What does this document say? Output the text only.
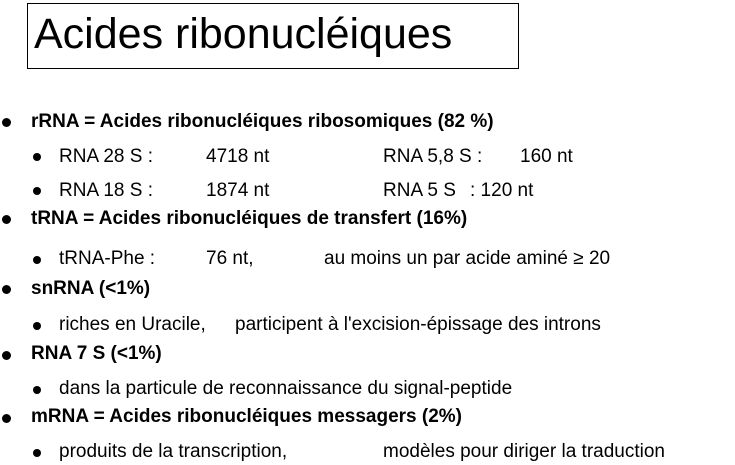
Acides ribonucléiques
rRNA = Acides ribonucléiques ribosomiques (82 %)
RNA 28 S :	4718 nt	RNA 5,8 S : 160 nt
RNA 18 S :	1874 nt	RNA 5 S : 120 nt
tRNA = Acides ribonucléiques de transfert (16%)
tRNA-Phe :	76 nt,	au moins un par acide aminé ≥ 20
snRNA (<1%)
riches en Uracile, participent à l'excision-épissage des introns
RNA 7 S (<1%)
dans la particule de reconnaissance du signal-peptide
mRNA = Acides ribonucléiques messagers (2%)
produits de la transcription,	modèles pour diriger la traduction
